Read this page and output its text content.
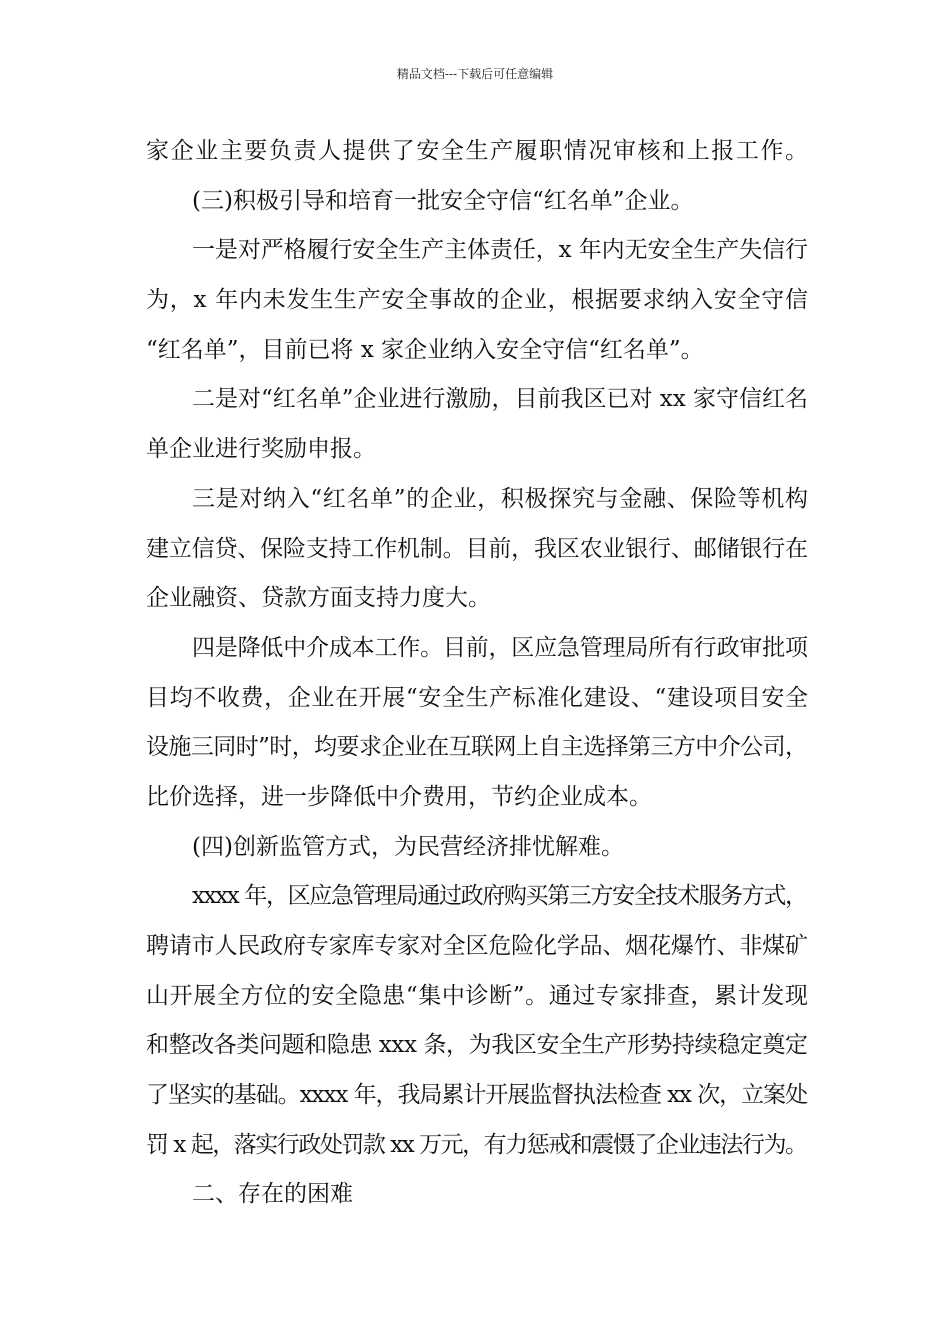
精品文档---下载后可任意编辑
家企业主要负责人提供了安全生产履职情况审核和上报工作。
(三)积极引导和培育一批安全守信“红名单”企业。
一是对严格履行安全生产主体责任，x 年内无安全生产失信行
为，x 年内未发生生产安全事故的企业，根据要求纳入安全守信
“红名单”，目前已将 x 家企业纳入安全守信“红名单”。
二是对“红名单”企业进行激励，目前我区已对 xx 家守信红名
单企业进行奖励申报。
三是对纳入“红名单”的企业，积极探究与金融、保险等机构
建立信贷、保险支持工作机制。目前，我区农业银行、邮储银行在
企业融资、贷款方面支持力度大。
四是降低中介成本工作。目前，区应急管理局所有行政审批项
目均不收费，企业在开展“安全生产标准化建设、“建设项目安全
设施三同时”时，均要求企业在互联网上自主选择第三方中介公司，
比价选择，进一步降低中介费用，节约企业成本。
(四)创新监管方式，为民营经济排忧解难。
xxxx 年，区应急管理局通过政府购买第三方安全技术服务方式，
聘请市人民政府专家库专家对全区危险化学品、烟花爆竹、非煤矿
山开展全方位的安全隐患“集中诊断”。通过专家排查，累计发现
和整改各类问题和隐患 xxx 条，为我区安全生产形势持续稳定奠定
了坚实的基础。xxxx 年，我局累计开展监督执法检查 xx 次，立案处
罚 x 起，落实行政处罚款 xx 万元，有力惩戒和震慑了企业违法行为。
二、存在的困难
